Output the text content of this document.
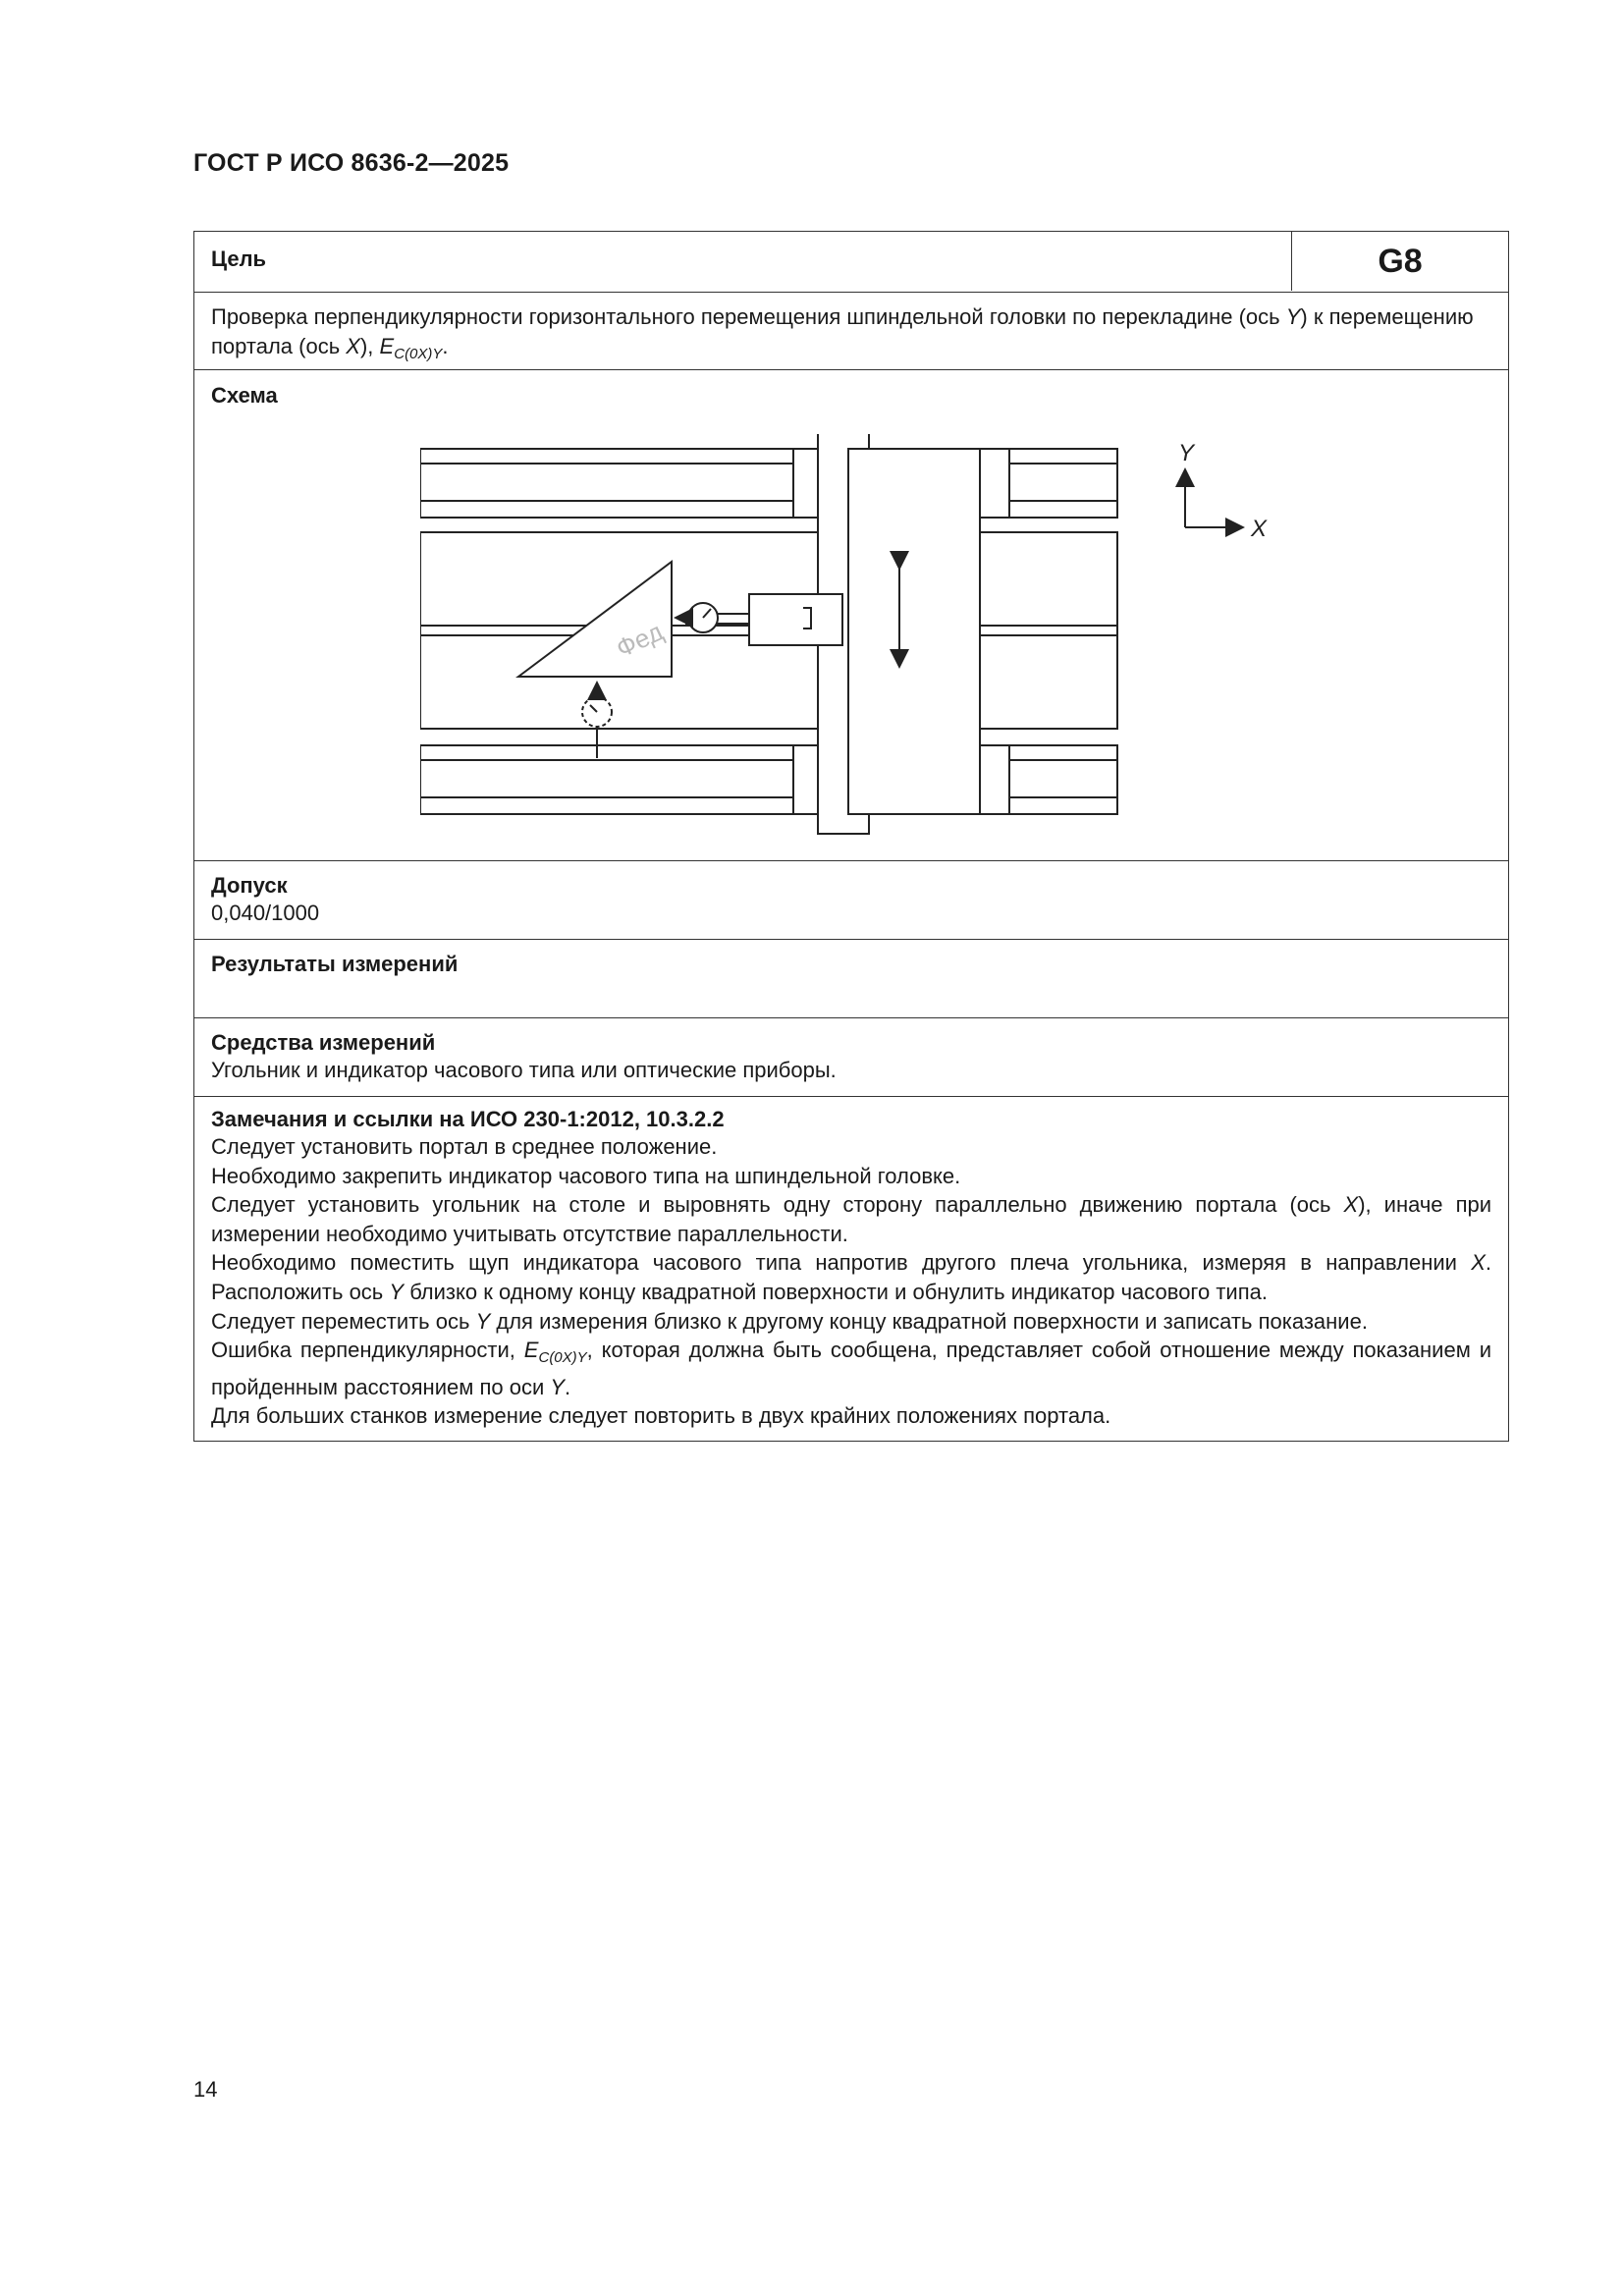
ГОСТ Р ИСО 8636-2—2025
Цель	G8
Проверка перпендикулярности горизонтального перемещения шпиндельной головки по перекладине (ось Y) к перемещению портала (ось X), $E_{C(0X)Y}$.
Схема
Фед
Y
X
Допуск
0,040/1000
Результаты измерений
Средства измерений
Угольник и индикатор часового типа или оптические приборы.
Замечания и ссылки на ИСО 230-1:2012, 10.3.2.2
Следует установить портал в среднее положение.
Необходимо закрепить индикатор часового типа на шпиндельной головке.
Следует установить угольник на столе и выровнять одну сторону параллельно движению портала (ось X), иначе при измерении необходимо учитывать отсутствие параллельности.
Необходимо поместить щуп индикатора часового типа напротив другого плеча угольника, измеряя в направлении X. Расположить ось Y близко к одному концу квадратной поверхности и обнулить индикатор часового типа.
Следует переместить ось Y для измерения близко к другому концу квадратной поверхности и записать показание.
Ошибка перпендикулярности, $E_{C(0X)Y}$, которая должна быть сообщена, представляет собой отношение между показанием и пройденным расстоянием по оси Y.
Для больших станков измерение следует повторить в двух крайних положениях портала.
14
